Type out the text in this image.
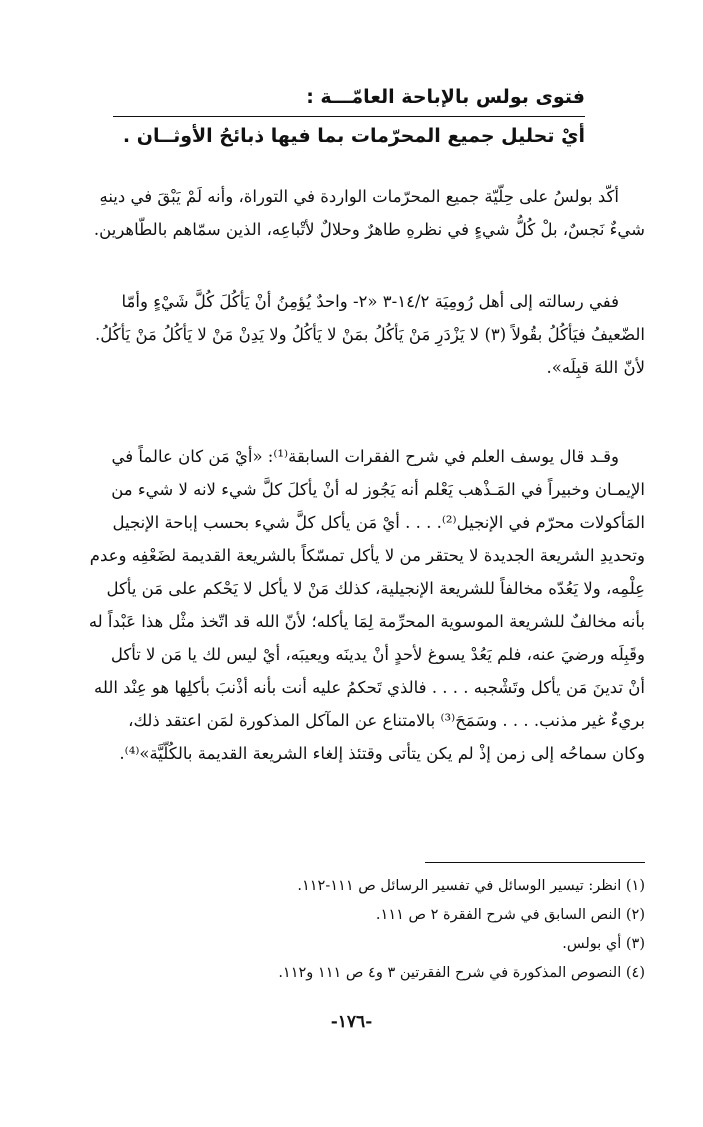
فتوى بولس بالإباحة العامّـــة :
أيْ تحليل جميع المحرّمات بما فيها ذبائحُ الأوثــان .

أكّد بولسُ على حِلّيّة جميع المحرّمات الواردة في التوراة، وأنه لَمْ يَبْقَ في دينهِ

شيءٌ نَجسٌ، بلْ كُلُّ شيءٍ في نظرهِ طاهرٌ وحلالٌ لأتْباعِه، الذين سمّاهم بالطّاهرين.

ففي رسالته إلى أهل رُومِيَة ١٤/٢-٣ «٢- واحدٌ يُؤمِنُ أنْ يَأكُلَ كُلَّ شَيْءٍ وأمّا

الضّعيفُ فيَأكُلُ بقُولاً (٣) لا يَزْدَرِ مَنْ يَأكُلُ بمَنْ لا يَأكُلُ ولا يَدِنْ مَنْ لا يَأكُلُ مَنْ يَأكُلُ.

لأنّ اللهَ قبِلَه».

وقـد قال يوسف العلم في شرح الفقرات السابقة⁽¹⁾: «أيْ مَن كان عالماً في

الإيمـان وخبيراً في المَـذْهب يَعْلم أنه يَجُوز له أنْ يأكلَ كلَّ شيء لانه لا شيء من

المَأكولات محرّم في الإنجيل⁽²⁾. . . . أيْ مَن يأكل كلَّ شيء بحسب إباحة الإنجيل

وتحديدِ الشريعة الجديدة لا يحتقر من لا يأكل تمسّكاً بالشريعة القديمة لضَعْفِه وعدم

عِلْمِه، ولا يَعُدّه مخالفاً للشريعة الإنجيلية، كذلك مَنْ لا يأكل لا يَحْكم على مَن يأكل

بأنه مخالفٌ للشريعة الموسوية المحرِّمة لِمَا يأكله؛ لأنّ الله قد اتّخذ مثْل هذا عَبْداً له

وقَبِلَه ورضيَ عنه، فلم يَعُدْ يسوغ لأحدٍ أنْ يدينَه ويعيبَه، أيْ ليس لك يا مَن لا تأكل

أنْ تدينَ مَن يأكل وتَشْجبه . . . . فالذي تَحكمُ عليه أنت بأنه أذْنبَ بأكلِها هو عِنْد الله

بريءٌ غير مذنب. . . . وسَمَحَ⁽³⁾ بالامتناع عن المآكل المذكورة لمَن اعتقد ذلك،

وكان سماحُه إلى زمن إذْ لم يكن يتأتى وقتئذ إلغاء الشريعة القديمة بالكُلّيَّة»⁽⁴⁾.

(١) انظر: تيسير الوسائل في تفسير الرسائل ص ١١١-١١٢.

(٢) النص السابق في شرح الفقرة ٢ ص ١١١.

(٣) أي بولس.

(٤) النصوص المذكورة في شرح الفقرتين ٣ و٤ ص ١١١ و١١٢.

-١٧٦-
